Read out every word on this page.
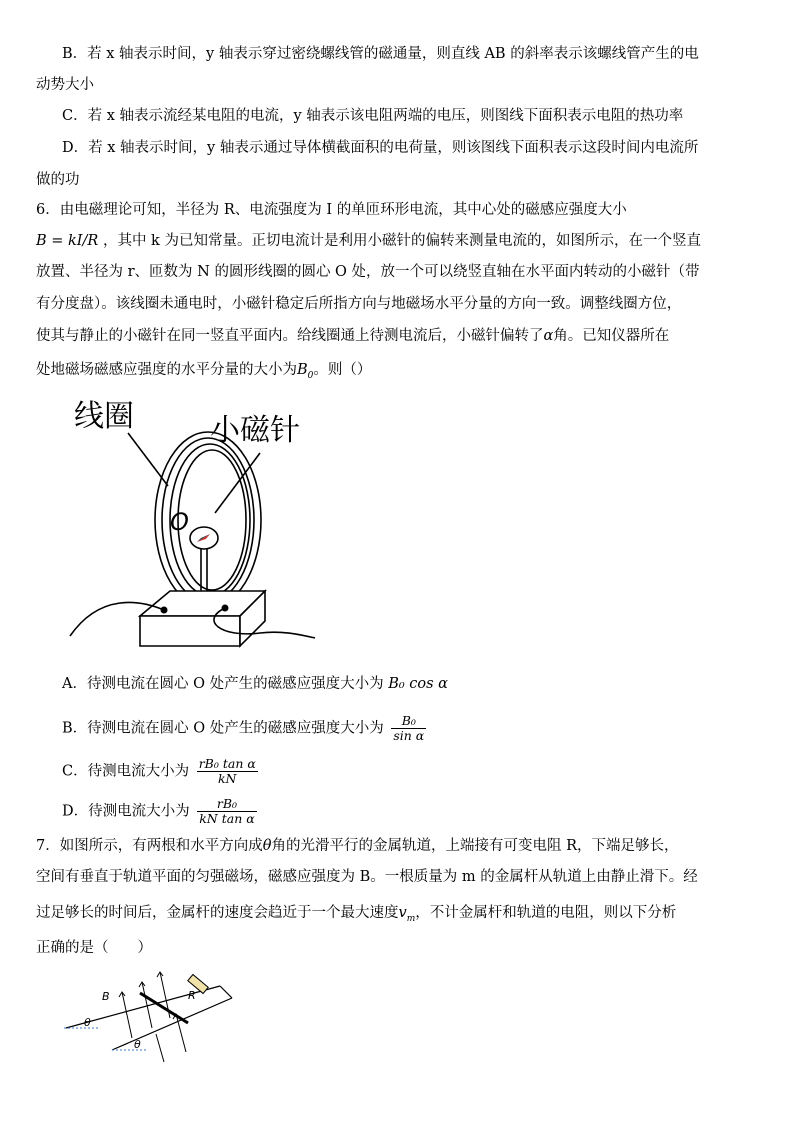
B．若 x 轴表示时间，y 轴表示穿过密绕螺线管的磁通量，则直线 AB 的斜率表示该螺线管产生的电
动势大小
C．若 x 轴表示流经某电阻的电流，y 轴表示该电阻两端的电压，则图线下面积表示电阻的热功率
D．若 x 轴表示时间，y 轴表示通过导体横截面积的电荷量，则该图线下面积表示这段时间内电流所
做的功
6．由电磁理论可知，半径为 R、电流强度为 I 的单匝环形电流，其中心处的磁感应强度大小
B = kI/R ，其中 k 为已知常量。正切电流计是利用小磁针的偏转来测量电流的，如图所示，在一个竖直
放置、半径为 r、匝数为 N 的圆形线圈的圆心 O 处，放一个可以绕竖直轴在水平面内转动的小磁针（带
有分度盘）。该线圈未通电时，小磁针稳定后所指方向与地磁场水平分量的方向一致。调整线圈方位，
使其与静止的小磁针在同一竖直平面内。给线圈通上待测电流后，小磁针偏转了α角。已知仪器所在
处地磁场磁感应强度的水平分量的大小为$B_0$。则（）
线圈	小磁针
O
A．待测电流在圆心 O 处产生的磁感应强度大小为 B₀ cos α
B．待测电流在圆心 O 处产生的磁感应强度大小为 $\frac{\text{B₀}}{\text{sin α}}$
C．待测电流大小为 $\frac{\text{rB₀ tan α}}{kN}$
D．待测电流大小为 $\frac{\text{rB₀}}{\text{kN tan α}}$
7．如图所示，有两根和水平方向成θ角的光滑平行的金属轨道，上端接有可变电阻 R，下端足够长，
空间有垂直于轨道平面的匀强磁场，磁感应强度为 B。一根质量为 m 的金属杆从轨道上由静止滑下。经
过足够长的时间后，金属杆的速度会趋近于一个最大速度$v_m$，不计金属杆和轨道的电阻，则以下分析
正确的是（　　）
B	R
θ
θ
